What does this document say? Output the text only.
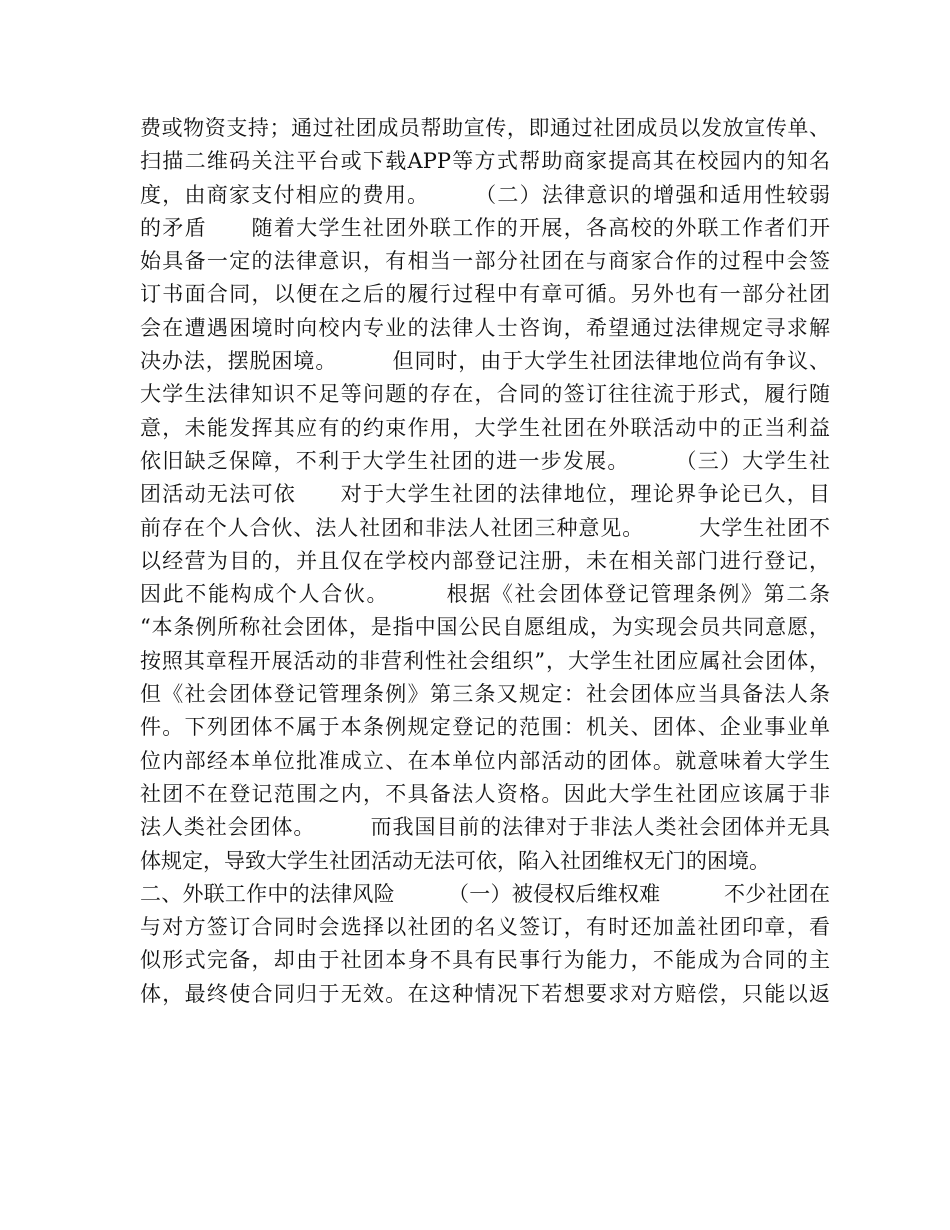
费或物资支持；通过社团成员帮助宣传，即通过社团成员以发放宣传单、
扫描二维码关注平台或下载APP等方式帮助商家提高其在校园内的知名
度，由商家支付相应的费用。　　　（二）法律意识的增强和适用性较弱
的矛盾　　随着大学生社团外联工作的开展，各高校的外联工作者们开
始具备一定的法律意识，有相当一部分社团在与商家合作的过程中会签
订书面合同，以便在之后的履行过程中有章可循。另外也有一部分社团
会在遭遇困境时向校内专业的法律人士咨询，希望通过法律规定寻求解
决办法，摆脱困境。　　　但同时，由于大学生社团法律地位尚有争议、
大学生法律知识不足等问题的存在，合同的签订往往流于形式，履行随
意，未能发挥其应有的约束作用，大学生社团在外联活动中的正当利益
依旧缺乏保障，不利于大学生社团的进一步发展。　　　（三）大学生社
团活动无法可依　　对于大学生社团的法律地位，理论界争论已久，目
前存在个人合伙、法人社团和非法人社团三种意见。　　　大学生社团不
以经营为目的，并且仅在学校内部登记注册，未在相关部门进行登记，
因此不能构成个人合伙。　　　根据《社会团体登记管理条例》第二条
“本条例所称社会团体，是指中国公民自愿组成，为实现会员共同意愿，
按照其章程开展活动的非营利性社会组织”，大学生社团应属社会团体，
但《社会团体登记管理条例》第三条又规定：社会团体应当具备法人条
件。下列团体不属于本条例规定登记的范围：机关、团体、企业事业单
位内部经本单位批准成立、在本单位内部活动的团体。就意味着大学生
社团不在登记范围之内，不具备法人资格。因此大学生社团应该属于非
法人类社会团体。　　　而我国目前的法律对于非法人类社会团体并无具
体规定，导致大学生社团活动无法可依，陷入社团维权无门的困境。
二、外联工作中的法律风险　　　（一）被侵权后维权难　　　不少社团在
与对方签订合同时会选择以社团的名义签订，有时还加盖社团印章，看
似形式完备，却由于社团本身不具有民事行为能力，不能成为合同的主
体，最终使合同归于无效。在这种情况下若想要求对方赔偿，只能以返
